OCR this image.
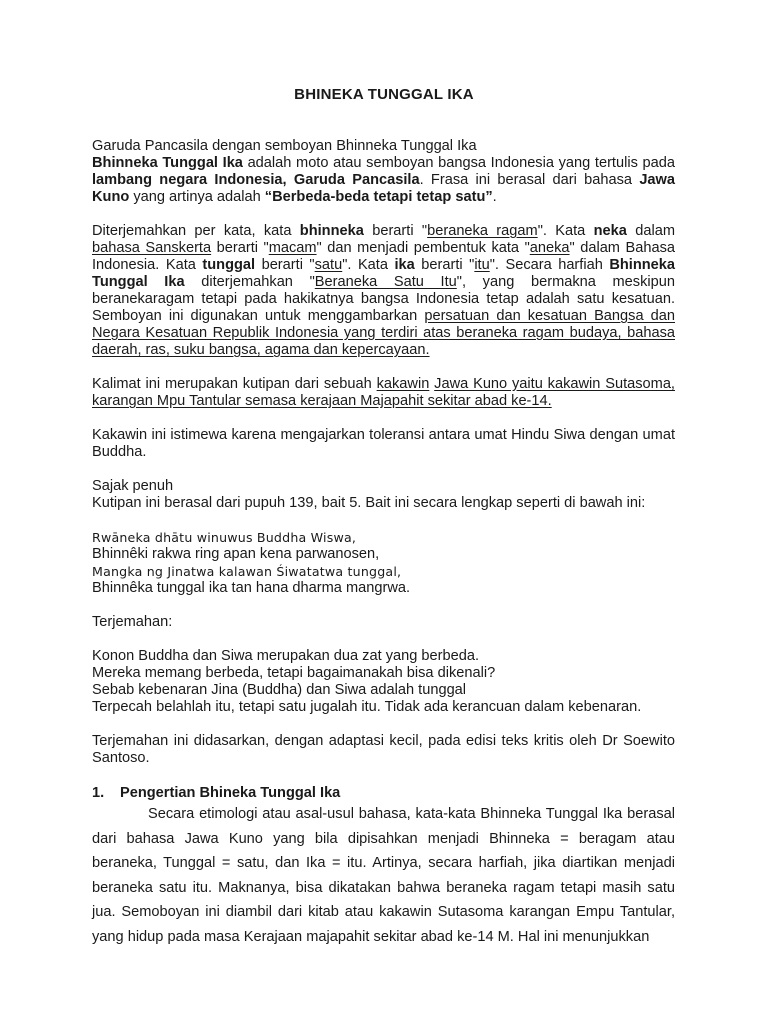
BHINEKA TUNGGAL IKA

Garuda Pancasila dengan semboyan Bhinneka Tunggal Ika

Bhinneka Tunggal Ika adalah moto atau semboyan bangsa Indonesia yang tertulis pada lambang negara Indonesia, Garuda Pancasila. Frasa ini berasal dari bahasa Jawa Kuno yang artinya adalah “Berbeda-beda tetapi tetap satu”.

Diterjemahkan per kata, kata bhinneka berarti "beraneka ragam". Kata neka dalam bahasa Sanskerta berarti "macam" dan menjadi pembentuk kata "aneka" dalam Bahasa Indonesia. Kata tunggal berarti "satu". Kata ika berarti "itu". Secara harfiah Bhinneka Tunggal Ika diterjemahkan "Beraneka Satu Itu", yang bermakna meskipun beranekaragam tetapi pada hakikatnya bangsa Indonesia tetap adalah satu kesatuan. Semboyan ini digunakan untuk menggambarkan persatuan dan kesatuan Bangsa dan Negara Kesatuan Republik Indonesia yang terdiri atas beraneka ragam budaya, bahasa daerah, ras, suku bangsa, agama dan kepercayaan.

Kalimat ini merupakan kutipan dari sebuah kakawin Jawa Kuno yaitu kakawin Sutasoma, karangan Mpu Tantular semasa kerajaan Majapahit sekitar abad ke-14.

Kakawin ini istimewa karena mengajarkan toleransi antara umat Hindu Siwa dengan umat Buddha.

Sajak penuh

Kutipan ini berasal dari pupuh 139, bait 5. Bait ini secara lengkap seperti di bawah ini:

Rwāneka dhātu winuwus Buddha Wiswa,

Bhinnêki rakwa ring apan kena parwanosen,

Mangka ng Jinatwa kalawan Śiwatatwa tunggal,

Bhinnêka tunggal ika tan hana dharma mangrwa.

Terjemahan:

Konon Buddha dan Siwa merupakan dua zat yang berbeda.

Mereka memang berbeda, tetapi bagaimanakah bisa dikenali?

Sebab kebenaran Jina (Buddha) dan Siwa adalah tunggal

Terpecah belahlah itu, tetapi satu jugalah itu. Tidak ada kerancuan dalam kebenaran.

Terjemahan ini didasarkan, dengan adaptasi kecil, pada edisi teks kritis oleh Dr Soewito Santoso.

1.	Pengertian Bhineka Tunggal Ika

Secara etimologi atau asal-usul bahasa, kata-kata Bhinneka Tunggal Ika berasal dari bahasa Jawa Kuno yang bila dipisahkan menjadi Bhinneka = beragam atau beraneka, Tunggal = satu, dan Ika = itu. Artinya, secara harfiah, jika diartikan menjadi beraneka satu itu. Maknanya, bisa dikatakan bahwa beraneka ragam tetapi masih satu jua. Semoboyan ini diambil dari kitab atau kakawin Sutasoma karangan Empu Tantular, yang hidup pada masa Kerajaan majapahit sekitar abad ke-14 M. Hal ini menunjukkan
